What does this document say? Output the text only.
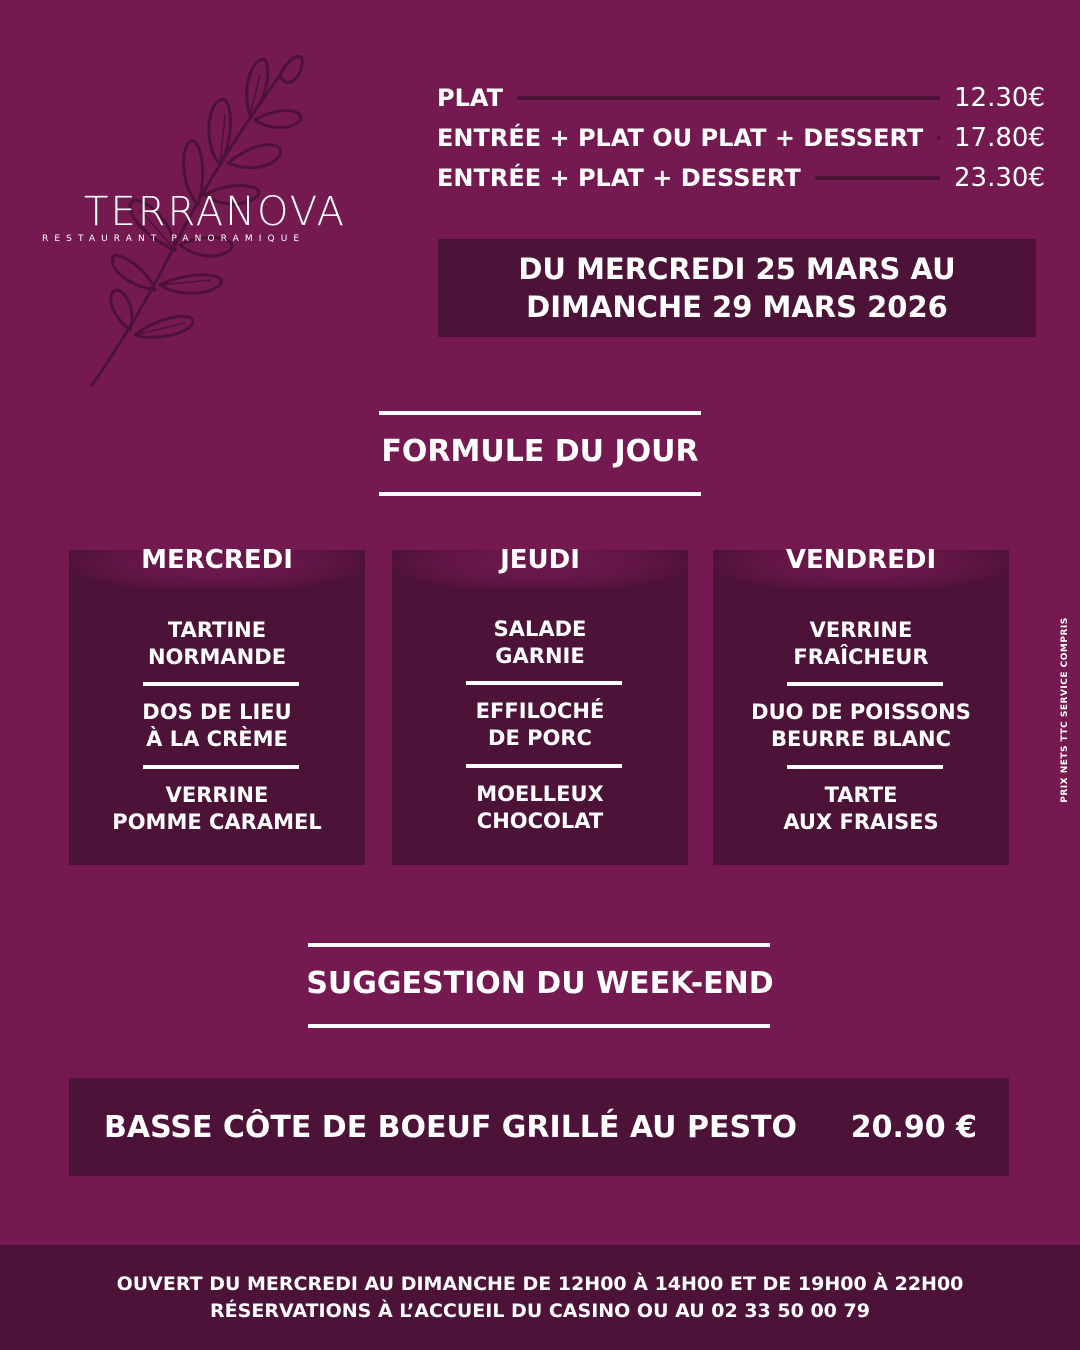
TERRANOVA
RESTAURANT PANORAMIQUE
PLAT	12.30€
ENTRÉE + PLAT OU PLAT + DESSERT 17.80€
ENTRÉE + PLAT + DESSERT	23.30€
DU MERCREDI 25 MARS AU
DIMANCHE 29 MARS 2026
FORMULE DU JOUR
MERCREDI
TARTINE
NORMANDE
DOS DE LIEU
À LA CRÈME
VERRINE
POMME CARAMEL
JEUDI
SALADE
GARNIE
EFFILOCHÉ
DE PORC
MOELLEUX
CHOCOLAT
VENDREDI
VERRINE
FRAÎCHEUR
DUO DE POISSONS
BEURRE BLANC
TARTE
AUX FRAISES
SUGGESTION DU WEEK-END
BASSE CÔTE DE BOEUF GRILLÉ AU PESTO 20.90 €
PRIX NETS TTC SERVICE COMPRIS
OUVERT DU MERCREDI AU DIMANCHE DE 12H00 À 14H00 ET DE 19H00 À 22H00
RÉSERVATIONS À L’ACCUEIL DU CASINO OU AU 02 33 50 00 79
